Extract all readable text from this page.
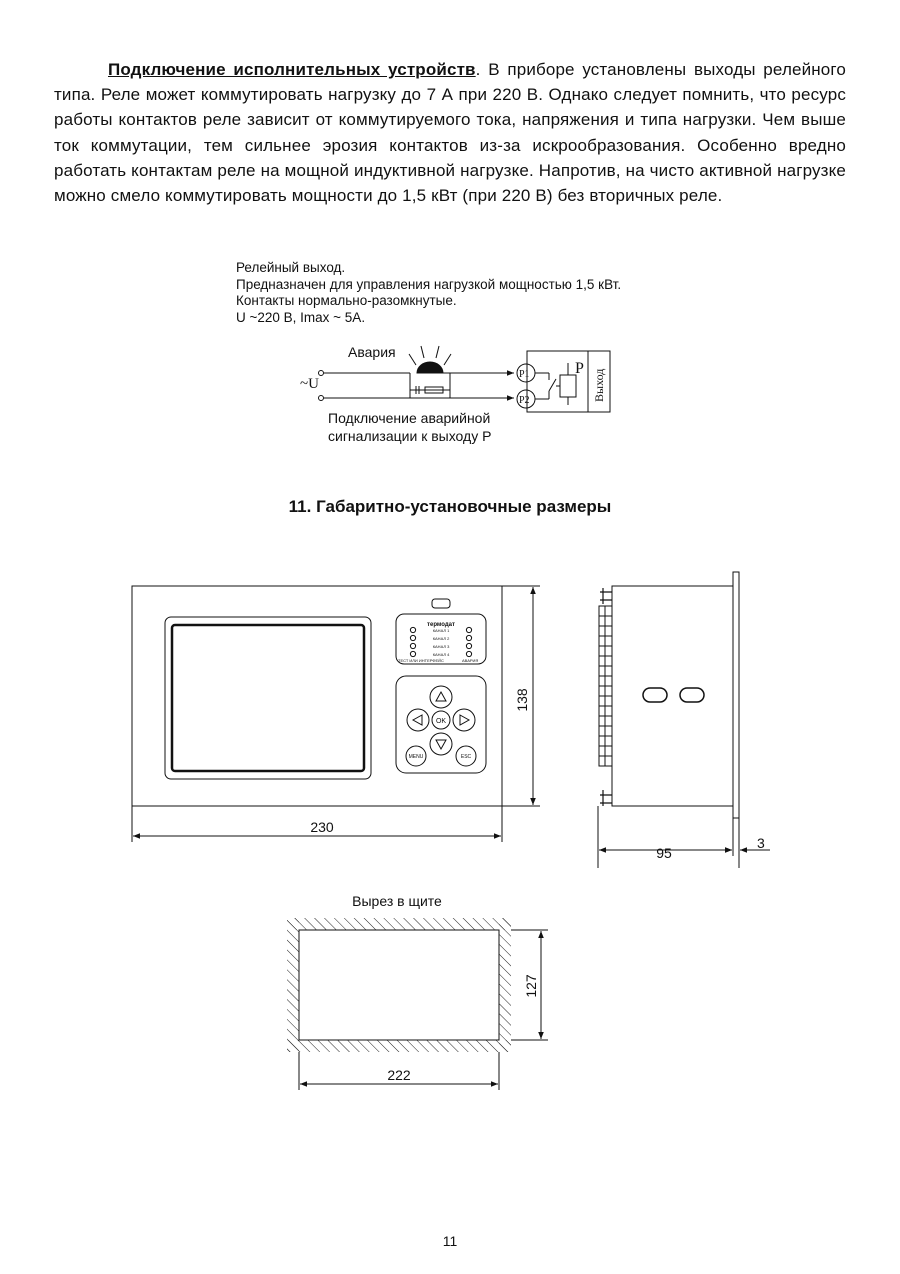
Подключение исполнительных устройств. В приборе установлены выходы релейного типа. Реле может коммутировать нагрузку до 7 А при 220 В. Однако следует помнить, что ресурс работы контактов реле зависит от коммутируемого тока, напряжения и типа нагрузки. Чем выше ток коммутации, тем сильнее эрозия контактов из-за искрообразования. Особенно вредно работать контактам реле на мощной индуктивной нагрузке. Напротив, на чисто активной нагрузке можно смело коммутировать мощности до 1,5 кВт (при 220 В) без вторичных реле.
Релейный выход.
Предназначен для управления нагрузкой мощностью 1,5 кВт.
Контакты нормально-разомкнутые.
U ~220 В, Imax ~ 5А.
11. Габаритно-установочные размеры
Авария
~U
P1
P2
P
Выход
Подключение аварийной
сигнализации к выходу Р
термодат
КАНАЛ 1
КАНАЛ 2
КАНАЛ 3
КАНАЛ 4
ТЕСТ ИЛИ ИНТЕРФЕЙС	АВАРИЯ
OK
MENU	ESC
230
138
95
3
Вырез в щите
222
127
11
